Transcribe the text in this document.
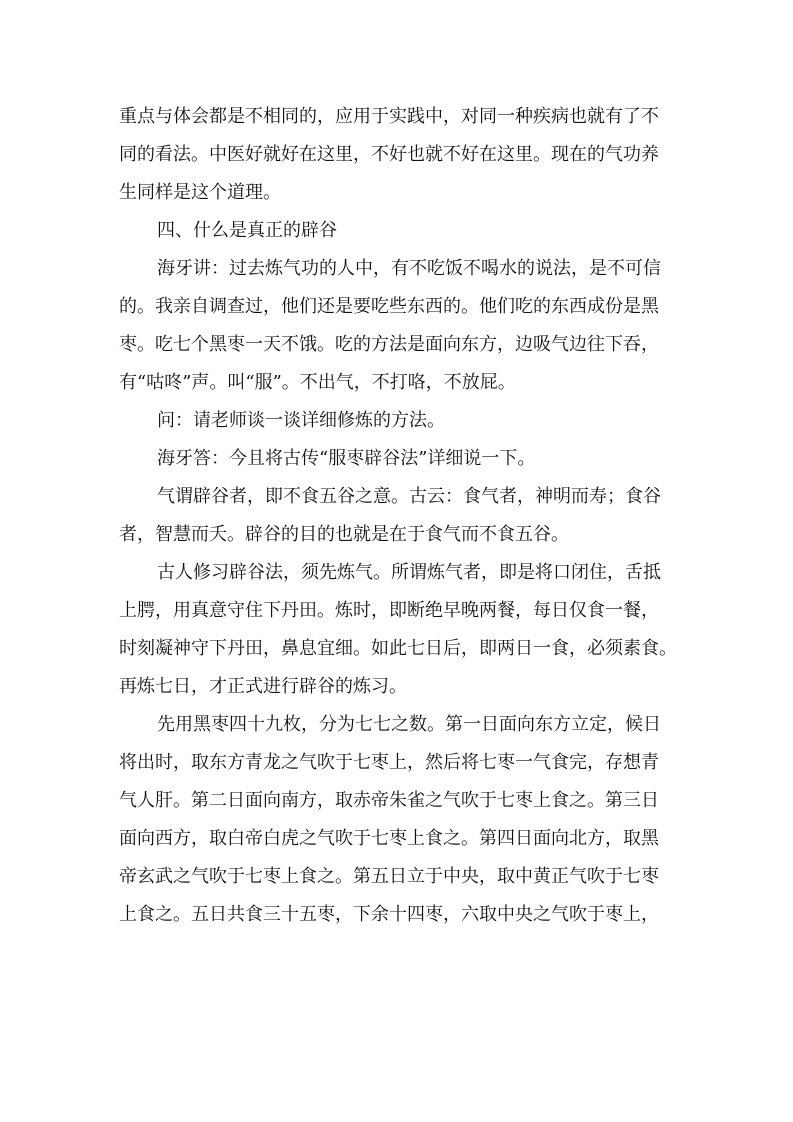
重点与体会都是不相同的，应用于实践中，对同一种疾病也就有了不
同的看法。中医好就好在这里，不好也就不好在这里。现在的气功养
生同样是这个道理。

四、什么是真正的辟谷

海牙讲：过去炼气功的人中，有不吃饭不喝水的说法，是不可信
的。我亲自调查过，他们还是要吃些东西的。他们吃的东西成份是黑
枣。吃七个黑枣一天不饿。吃的方法是面向东方，边吸气边往下吞，
有“咕咚”声。叫“服”。不出气，不打咯，不放屁。

问：请老师谈一谈详细修炼的方法。

海牙答：今且将古传“服枣辟谷法”详细说一下。

气谓辟谷者，即不食五谷之意。古云：食气者，神明而寿；食谷
者，智慧而夭。辟谷的目的也就是在于食气而不食五谷。

古人修习辟谷法，须先炼气。所谓炼气者，即是将口闭住，舌抵
上腭，用真意守住下丹田。炼时，即断绝早晚两餐，每日仅食一餐，
时刻凝神守下丹田，鼻息宜细。如此七日后，即两日一食，必须素食。
再炼七日，才正式进行辟谷的炼习。

先用黑枣四十九枚，分为七七之数。第一日面向东方立定，候日
将出时，取东方青龙之气吹于七枣上，然后将七枣一气食完，存想青
气人肝。第二日面向南方，取赤帝朱雀之气吹于七枣上食之。第三日
面向西方，取白帝白虎之气吹于七枣上食之。第四日面向北方，取黑
帝玄武之气吹于七枣上食之。第五日立于中央，取中黄正气吹于七枣
上食之。五日共食三十五枣，下余十四枣，六取中央之气吹于枣上，
